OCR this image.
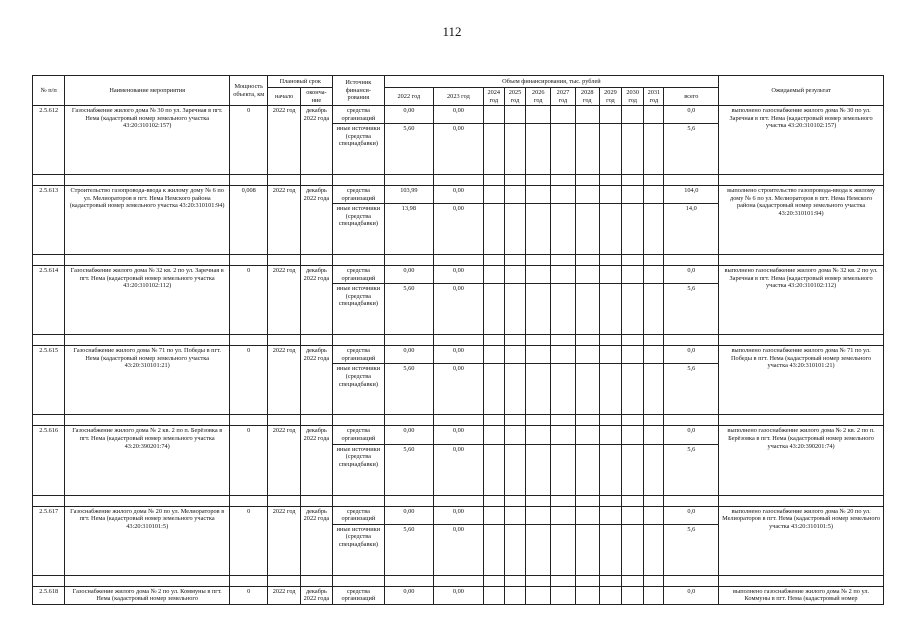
112
№ п/п	Наименование мероприятия	Мощность объекта, км	Плановый срок		Источник финанси-рования	Объем финансирования, тыс. рублей											Ожидаемый результат
			начало	оконча-ние		2022 год	2023 год	2024 год	2025 год	2026 год	2027 год	2028 год	2029 год	2030 год	2031 год	всего	
2.5.612	Газоснабжение жилого дома № 30 по ул. Заречная в пгт. Нема (кадастровый номер земельного участка 43:20:310102:157)	0	2022 год	декабрь 2022 года	средства организаций	0,00	0,00									0,0	выполнено газоснабжение жилого дома № 30 по ул. Заречная в пгт. Нема (кадастровый номер земельного участка 43:20:310102:157)
					иные источники (средства спецнадбавки)	5,60	0,00									5,6	

2.5.613	Строительство газопровода-ввода к жилому дому № 6 по ул. Мелиораторов в пгт. Нема Немского района (кадастровый номер земельного участка 43:20:310101:94)	0,008	2022 год	декабрь 2022 года	средства организаций	103,99	0,00									104,0	выполнено строительство газопровода-ввода к жилому дому № 6 по ул. Мелиораторов в пгт. Нема Немского района (кадастровый номер земельного участка 43:20:310101:94)
					иные источники (средства спецнадбавки)	13,98	0,00									14,0	

2.5.614	Газоснабжение жилого дома № 32 кв. 2 по ул. Заречная в пгт. Нема (кадастровый номер земельного участка 43:20:310102:112)	0	2022 год	декабрь 2022 года	средства организаций	0,00	0,00									0,0	выполнено газоснабжение жилого дома № 32 кв. 2 по ул. Заречная в пгт. Нема (кадастровый номер земельного участка 43:20:310102:112)
					иные источники (средства спецнадбавки)	5,60	0,00									5,6	

2.5.615	Газоснабжение жилого дома № 71 по ул. Победы в пгт. Нема (кадастровый номер земельного участка 43:20:310101:21)	0	2022 год	декабрь 2022 года	средства организаций	0,00	0,00									0,0	выполнено газоснабжение жилого дома № 71 по ул. Победы в пгт. Нема (кадастровый номер земельного участка 43:20:310101:21)
					иные источники (средства спецнадбавки)	5,60	0,00									5,6	

2.5.616	Газоснабжение жилого дома № 2 кв. 2 по п. Берёзовка в пгт. Нема (кадастровый номер земельного участка 43:20:390201:74)	0	2022 год	декабрь 2022 года	средства организаций	0,00	0,00									0,0	выполнено газоснабжение жилого дома № 2 кв. 2 по п. Берёзовка в пгт. Нема (кадастровый номер земельного участка 43:20:390201:74)
					иные источники (средства спецнадбавки)	5,60	0,00									5,6	

2.5.617	Газоснабжение жилого дома № 20 по ул. Мелиораторов в пгт. Нема (кадастровый номер земельного участка 43:20:310101:5)	0	2022 год	декабрь 2022 года	средства организаций	0,00	0,00									0,0	выполнено газоснабжение жилого дома № 20 по ул. Мелиораторов в пгт. Нема (кадастровый номер земельного участка 43:20:310101:5)
					иные источники (средства спецнадбавки)	5,60	0,00									5,6	

2.5.618	Газоснабжение жилого дома № 2 по ул. Коммуны в пгт. Нема (кадастровый номер земельного	0	2022 год	декабрь 2022 года	средства организаций	0,00	0,00									0,0	выполнено газоснабжение жилого дома № 2 по ул. Коммуны в пгт. Нема (кадастровый номер
